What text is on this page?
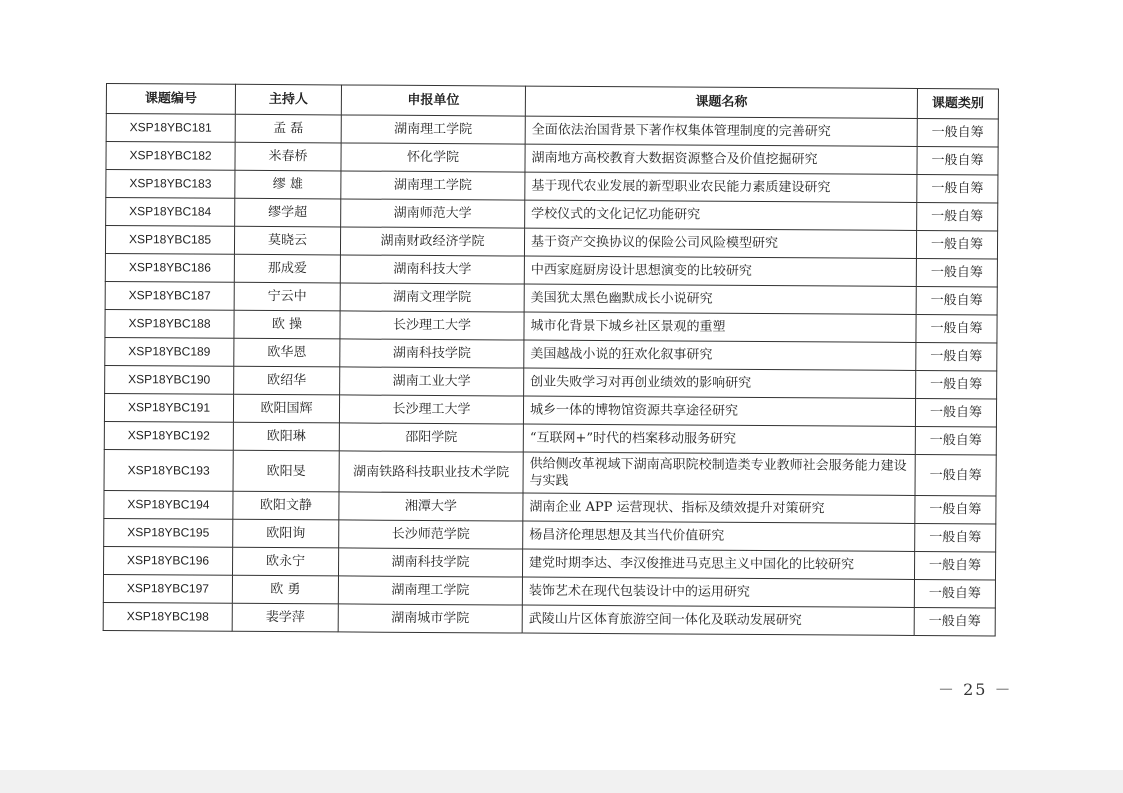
课题编号	主持人	申报单位	课题名称	课题类别
XSP18YBC181	孟 磊	湖南理工学院	全面依法治国背景下著作权集体管理制度的完善研究	一般自筹
XSP18YBC182	米春桥	怀化学院	湖南地方高校教育大数据资源整合及价值挖掘研究	一般自筹
XSP18YBC183	缪 雄	湖南理工学院	基于现代农业发展的新型职业农民能力素质建设研究	一般自筹
XSP18YBC184	缪学超	湖南师范大学	学校仪式的文化记忆功能研究	一般自筹
XSP18YBC185	莫晓云	湖南财政经济学院	基于资产交换协议的保险公司风险模型研究	一般自筹
XSP18YBC186	那成爱	湖南科技大学	中西家庭厨房设计思想演变的比较研究	一般自筹
XSP18YBC187	宁云中	湖南文理学院	美国犹太黑色幽默成长小说研究	一般自筹
XSP18YBC188	欧 操	长沙理工大学	城市化背景下城乡社区景观的重塑	一般自筹
XSP18YBC189	欧华恩	湖南科技学院	美国越战小说的狂欢化叙事研究	一般自筹
XSP18YBC190	欧绍华	湖南工业大学	创业失败学习对再创业绩效的影响研究	一般自筹
XSP18YBC191	欧阳国辉	长沙理工大学	城乡一体的博物馆资源共享途径研究	一般自筹
XSP18YBC192	欧阳琳	邵阳学院	“互联网+”时代的档案移动服务研究	一般自筹
XSP18YBC193	欧阳旻	湖南铁路科技职业技术学院	供给侧改革视域下湖南高职院校制造类专业教师社会服务能力建设与实践	一般自筹
XSP18YBC194	欧阳文静	湘潭大学	湖南企业 APP 运营现状、指标及绩效提升对策研究	一般自筹
XSP18YBC195	欧阳询	长沙师范学院	杨昌济伦理思想及其当代价值研究	一般自筹
XSP18YBC196	欧永宁	湖南科技学院	建党时期李达、李汉俊推进马克思主义中国化的比较研究	一般自筹
XSP18YBC197	欧 勇	湖南理工学院	装饰艺术在现代包装设计中的运用研究	一般自筹
XSP18YBC198	裴学萍	湖南城市学院	武陵山片区体育旅游空间一体化及联动发展研究	一般自筹
－ 25 －
